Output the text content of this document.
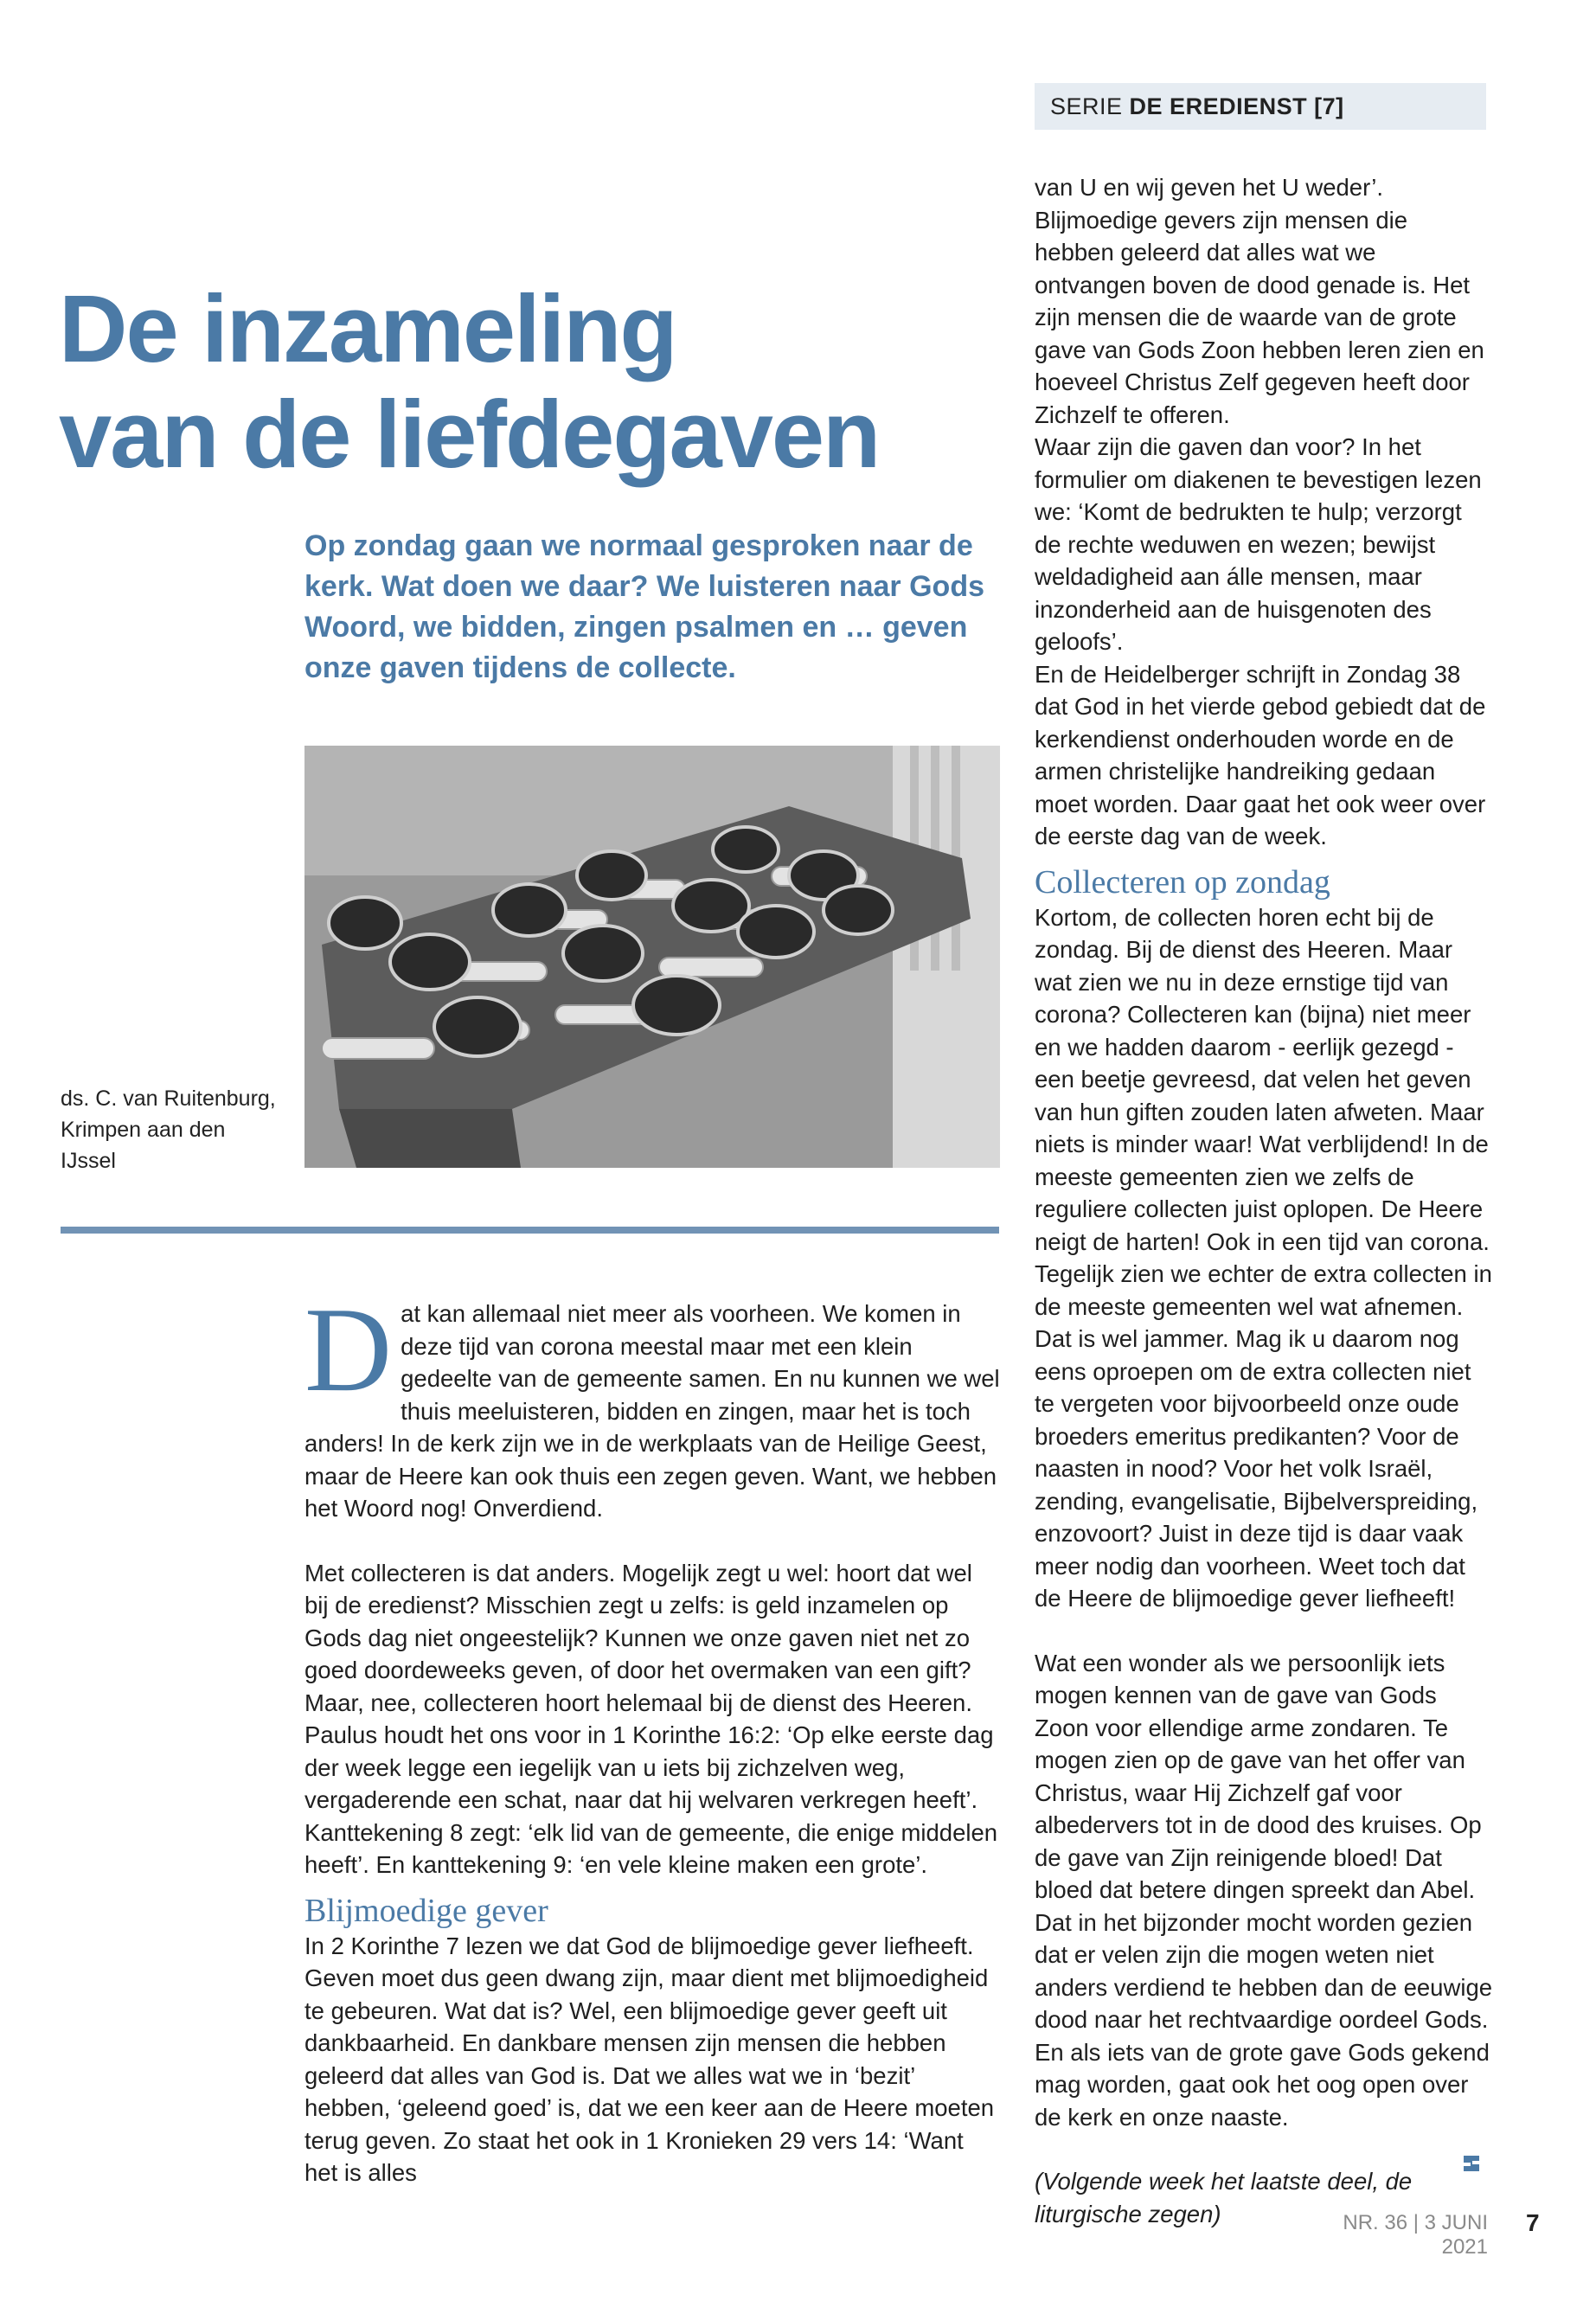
SERIE DE EREDIENST [7]
De inzameling
van de liefdegaven

Op zondag gaan we normaal gesproken naar de kerk. Wat doen we daar? We luisteren naar Gods Woord, we bidden, zingen psalmen en … geven onze gaven tijdens de collecte.

ds. C. van Ruitenburg,
Krimpen aan den
IJssel

Dat kan allemaal niet meer als voorheen. We komen in deze tijd van corona meestal maar met een klein gedeelte van de gemeente samen. En nu kunnen we wel thuis meeluisteren, bidden en zingen, maar het is toch anders! In de kerk zijn we in de werkplaats van de Heilige Geest, maar de Heere kan ook thuis een zegen geven. Want, we hebben het Woord nog! Onverdiend.

Met collecteren is dat anders. Mogelijk zegt u wel: hoort dat wel bij de eredienst? Misschien zegt u zelfs: is geld inzamelen op Gods dag niet ongeestelijk? Kunnen we onze gaven niet net zo goed doordeweeks geven, of door het overmaken van een gift? Maar, nee, collecteren hoort helemaal bij de dienst des Heeren. Paulus houdt het ons voor in 1 Korinthe 16:2: ‘Op elke eerste dag der week legge een iegelijk van u iets bij zichzelven weg, vergaderende een schat, naar dat hij welvaren verkregen heeft’. Kanttekening 8 zegt: ‘elk lid van de gemeente, die enige middelen heeft’. En kanttekening 9: ‘en vele kleine maken een grote’.

Blijmoedige gever

In 2 Korinthe 7 lezen we dat God de blijmoedige gever liefheeft. Geven moet dus geen dwang zijn, maar dient met blijmoedigheid te gebeuren. Wat dat is? Wel, een blijmoedige gever geeft uit dankbaarheid. En dankbare mensen zijn mensen die hebben geleerd dat alles van God is. Dat we alles wat we in ‘bezit’ hebben, ‘geleend goed’ is, dat we een keer aan de Heere moeten terug geven. Zo staat het ook in 1 Kronieken 29 vers 14: ‘Want het is alles

van U en wij geven het U weder’. Blijmoedige gevers zijn mensen die hebben geleerd dat alles wat we ontvangen boven de dood genade is. Het zijn mensen die de waarde van de grote gave van Gods Zoon hebben leren zien en hoeveel Christus Zelf gegeven heeft door Zichzelf te offeren.

Waar zijn die gaven dan voor? In het formulier om diakenen te bevestigen lezen we: ‘Komt de bedrukten te hulp; verzorgt de rechte weduwen en wezen; bewijst weldadigheid aan álle mensen, maar inzonderheid aan de huisgenoten des geloofs’.

En de Heidelberger schrijft in Zondag 38 dat God in het vierde gebod gebiedt dat de kerkendienst onderhouden worde en de armen christelijke handreiking gedaan moet worden. Daar gaat het ook weer over de eerste dag van de week.

Collecteren op zondag

Kortom, de collecten horen echt bij de zondag. Bij de dienst des Heeren. Maar wat zien we nu in deze ernstige tijd van corona? Collecteren kan (bijna) niet meer en we hadden daarom - eerlijk gezegd - een beetje gevreesd, dat velen het geven van hun giften zouden laten afweten. Maar niets is minder waar! Wat verblijdend! In de meeste gemeenten zien we zelfs de reguliere collecten juist oplopen. De Heere neigt de harten! Ook in een tijd van corona. Tegelijk zien we echter de extra collecten in de meeste gemeenten wel wat afnemen. Dat is wel jammer. Mag ik u daarom nog eens oproepen om de extra collecten niet te vergeten voor bijvoorbeeld onze oude broeders emeritus predikanten? Voor de naasten in nood? Voor het volk Israël, zending, evangelisatie, Bijbelverspreiding, enzovoort? Juist in deze tijd is daar vaak meer nodig dan voorheen. Weet toch dat de Heere de blijmoedige gever liefheeft!

Wat een wonder als we persoonlijk iets mogen kennen van de gave van Gods Zoon voor ellendige arme zondaren. Te mogen zien op de gave van het offer van Christus, waar Hij Zichzelf gaf voor albedervers tot in de dood des kruises. Op de gave van Zijn reinigende bloed! Dat bloed dat betere dingen spreekt dan Abel.

Dat in het bijzonder mocht worden gezien dat er velen zijn die mogen weten niet anders verdiend te hebben dan de eeuwige dood naar het rechtvaardige oordeel Gods. En als iets van de grote gave Gods gekend mag worden, gaat ook het oog open over de kerk en onze naaste.

(Volgende week het laatste deel, de liturgische zegen)	NR. 36 | 3 JUNI 2021
7
